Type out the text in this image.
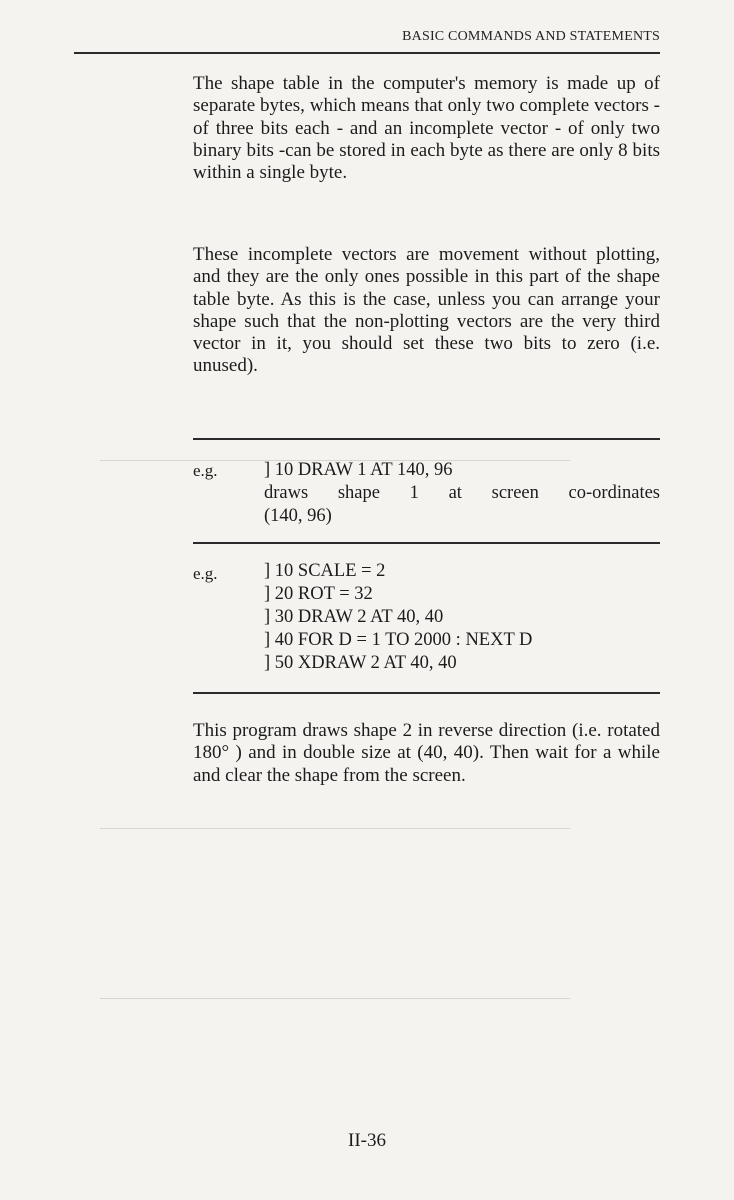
BASIC COMMANDS AND STATEMENTS
The shape table in the computer's memory is made up of separate bytes, which means that only two complete vectors - of three bits each - and an incomplete vector - of only two binary bits -can be stored in each byte as there are only 8 bits within a single byte.
These incomplete vectors are movement without plotting, and they are the only ones possible in this part of the shape table byte. As this is the case, unless you can arrange your shape such that the non-plotting vectors are the very third vector in it, you should set these two bits to zero (i.e. unused).
e.g.	] 10 DRAW 1 AT 140, 96
draws shape 1 at screen co-ordinates
(140, 96)
e.g.	] 10 SCALE = 2
] 20 ROT = 32
] 30 DRAW 2 AT 40, 40
] 40 FOR D = 1 TO 2000 : NEXT D
] 50 XDRAW 2 AT 40, 40
This program draws shape 2 in reverse direction (i.e. rotated 180° ) and in double size at (40, 40). Then wait for a while and clear the shape from the screen.
II-36
